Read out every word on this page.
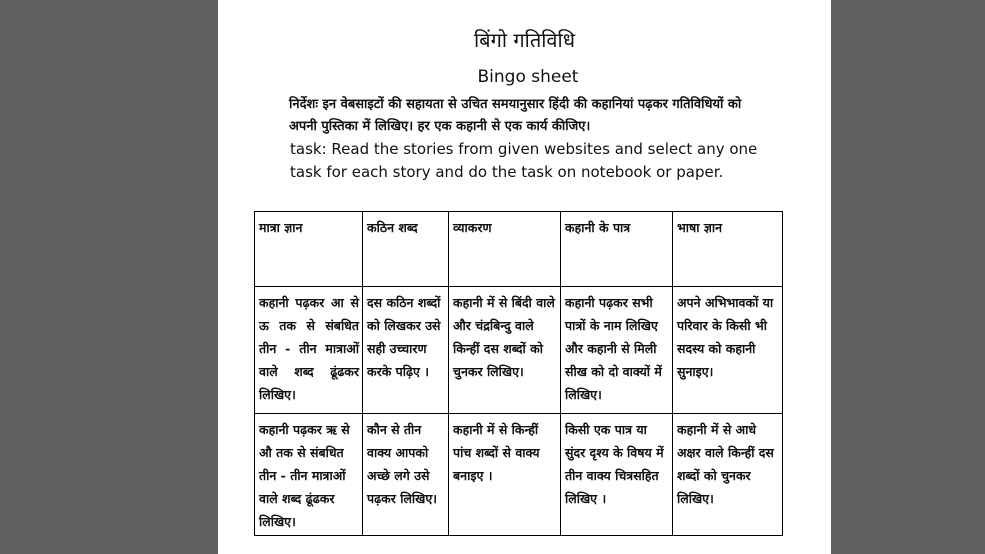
बिंगो गतिविधि
Bingo sheet
निर्देशः इन वेबसाइटों की सहायता से उचित समयानुसार हिंदी की कहानियां पढ़कर गतिविधियों को अपनी पुस्तिका में लिखिए। हर एक कहानी से एक कार्य कीजिए।
task: Read the stories from given websites and select any one task for each story and do the task on notebook or paper.
मात्रा ज्ञान	कठिन शब्द	व्याकरण	कहानी के पात्र	भाषा ज्ञान
कहानी पढ़कर आ से ऊ तक से संबधित तीन - तीन मात्राओं वाले शब्द ढूंढकर लिखिए।	दस कठिन शब्दों को लिखकर उसे सही उच्चारण करके पढ़िए ।	कहानी में से बिंदी वाले और चंद्रबिन्दु वाले किन्हीं दस शब्दों को चुनकर लिखिए।	कहानी पढ़कर सभी पात्रों के नाम लिखिए और कहानी से मिली सीख को दो वाक्यों में लिखिए।	अपने अभिभावकों या परिवार के किसी भी सदस्य को कहानी सुनाइए।
कहानी पढ़कर ऋ से औ तक से संबधित तीन - तीन मात्राओं वाले शब्द ढूंढकर लिखिए।	कौन से तीन वाक्य आपको अच्छे लगे उसे पढ़कर लिखिए।	कहानी में से किन्हीं पांच शब्दों से वाक्य बनाइए ।	किसी एक पात्र या सुंदर दृश्य के विषय में तीन वाक्य चित्रसहित लिखिए ।	कहानी में से आधे अक्षर वाले किन्हीं दस शब्दों को चुनकर लिखिए।
